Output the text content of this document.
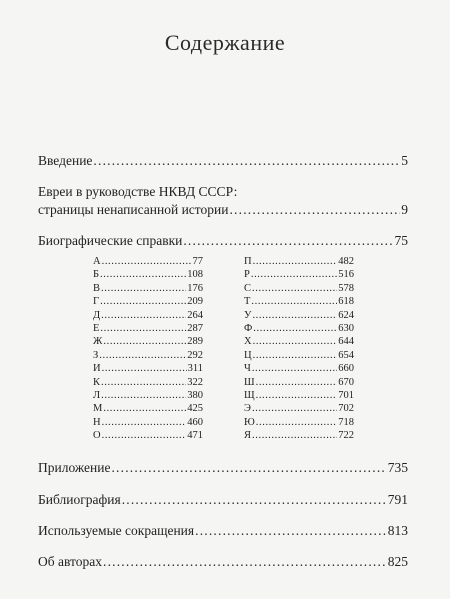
Содержание
Введение .....	5
Евреи в руководстве НКВД СССР:
страницы ненаписанной истории .....	9
Биографические справки .....	75
Приложение .....	735
Библиография .....	791
Используемые сокращения .....	813
Об авторах .....	825
А .....	77
Б .....	108
В .....	176
Г .....	209
Д .....	264
Е .....	287
Ж .....	289
З .....	292
И .....	311
К .....	322
Л .....	380
М .....	425
Н .....	460
О .....	471
П .....	482
Р .....	516
С .....	578
Т .....	618
У .....	624
Ф .....	630
Х .....	644
Ц .....	654
Ч .....	660
Ш .....	670
Щ .....	701
Э .....	702
Ю .....	718
Я .....	722
